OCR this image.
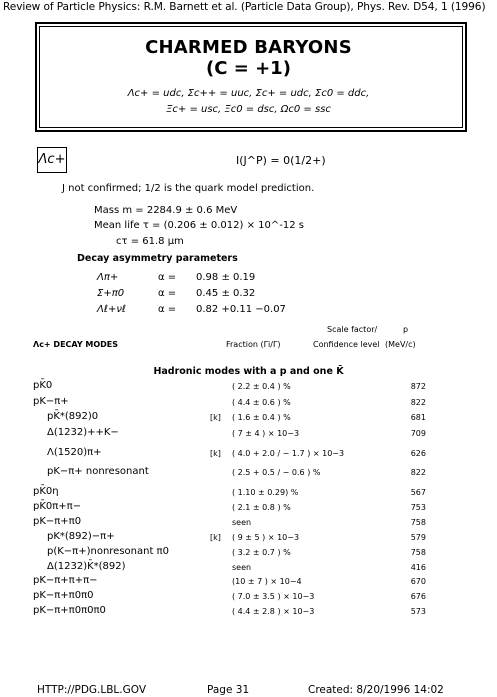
Review of Particle Physics: R.M. Barnett et al. (Particle Data Group), Phys. Rev. D54, 1 (1996)
CHARMED BARYONS
(C = +1)
Λc+ = udc, Σc++ = uuc, Σc+ = udc, Σc0 = ddc,
Ξc+ = usc, Ξc0 = dsc, Ωc0 = ssc
Λc+	I(J^P) = 0(1/2+)
J not confirmed; 1/2 is the quark model prediction.
Mass m = 2284.9 ± 0.6 MeV
Mean life τ = (0.206 ± 0.012) × 10^-12 s
cτ = 61.8 μm
Decay asymmetry parameters
Λπ+	α = 0.98 ± 0.19
Σ+π0	α = 0.45 ± 0.32
Λℓ+νℓ	α = 0.82 +0.11 −0.07
Scale factor/	p
Λc+ DECAY MODES	Fraction (Γi/Γ)	Confidence level (MeV/c)
Hadronic modes with a p and one K̄
pK̄0	( 2.2 ± 0.4 ) %	872
pK−π+	( 4.4 ± 0.6 ) %	822
pK̄*(892)0	[k] ( 1.6 ± 0.4 ) %	681
Δ(1232)++K−	( 7 ± 4 ) × 10−3	709
Λ(1520)π+	[k] ( 4.0 + 2.0 / − 1.7 ) × 10−3	626
pK−π+ nonresonant	( 2.5 + 0.5 / − 0.6 ) %	822
pK̄0η	( 1.10 ± 0.29) %	567
pK̄0π+π−	( 2.1 ± 0.8 ) %	753
pK−π+π0	seen	758
pK*(892)−π+	[k] ( 9 ± 5 ) × 10−3	579
p(K−π+)nonresonant π0	( 3.2 ± 0.7 ) %	758
Δ(1232)K̄*(892)	seen	416
pK−π+π+π−	(10 ± 7 ) × 10−4	670
pK−π+π0π0	( 7.0 ± 3.5 ) × 10−3	676
pK−π+π0π0π0	( 4.4 ± 2.8 ) × 10−3	573
HTTP://PDG.LBL.GOV	Page 31	Created: 8/20/1996 14:02
